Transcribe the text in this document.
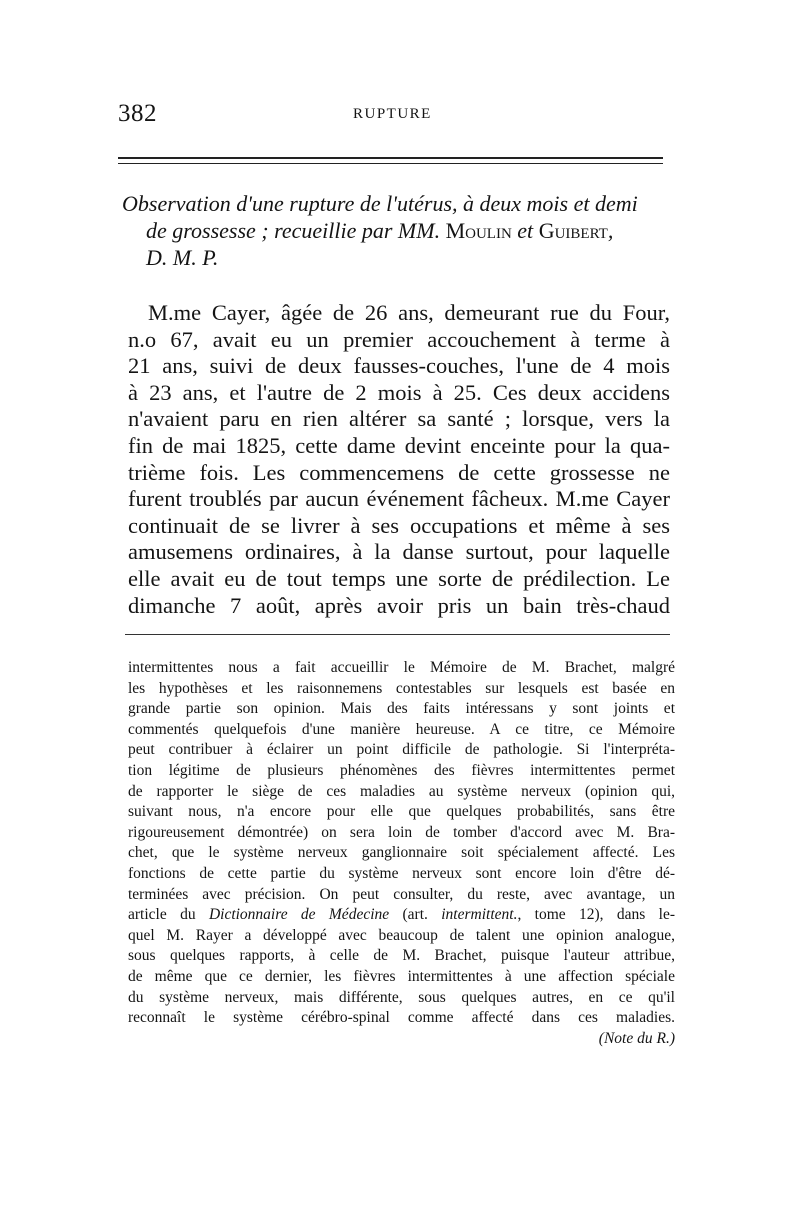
382	RUPTURE
Observation d'une rupture de l'utérus, à deux mois et demi
de grossesse ; recueillie par MM. Moulin et Guibert,
D. M. P.
M.me Cayer, âgée de 26 ans, demeurant rue du Four,
n.o 67, avait eu un premier accouchement à terme à
21 ans, suivi de deux fausses-couches, l'une de 4 mois
à 23 ans, et l'autre de 2 mois à 25. Ces deux accidens
n'avaient paru en rien altérer sa santé ; lorsque, vers la
fin de mai 1825, cette dame devint enceinte pour la qua-
trième fois. Les commencemens de cette grossesse ne
furent troublés par aucun événement fâcheux. M.me Cayer
continuait de se livrer à ses occupations et même à ses
amusemens ordinaires, à la danse surtout, pour laquelle
elle avait eu de tout temps une sorte de prédilection. Le
dimanche 7 août, après avoir pris un bain très-chaud
intermittentes nous a fait accueillir le Mémoire de M. Brachet, malgré
les hypothèses et les raisonnemens contestables sur lesquels est basée en
grande partie son opinion. Mais des faits intéressans y sont joints et
commentés quelquefois d'une manière heureuse. A ce titre, ce Mémoire
peut contribuer à éclairer un point difficile de pathologie. Si l'interpréta-
tion légitime de plusieurs phénomènes des fièvres intermittentes permet
de rapporter le siège de ces maladies au système nerveux (opinion qui,
suivant nous, n'a encore pour elle que quelques probabilités, sans être
rigoureusement démontrée) on sera loin de tomber d'accord avec M. Bra-
chet, que le système nerveux ganglionnaire soit spécialement affecté. Les
fonctions de cette partie du système nerveux sont encore loin d'être dé-
terminées avec précision. On peut consulter, du reste, avec avantage, un
article du Dictionnaire de Médecine (art. intermittent., tome 12), dans le-
quel M. Rayer a développé avec beaucoup de talent une opinion analogue,
sous quelques rapports, à celle de M. Brachet, puisque l'auteur attribue,
de même que ce dernier, les fièvres intermittentes à une affection spéciale
du système nerveux, mais différente, sous quelques autres, en ce qu'il
reconnaît le système cérébro-spinal comme affecté dans ces maladies.
(Note du R.)
